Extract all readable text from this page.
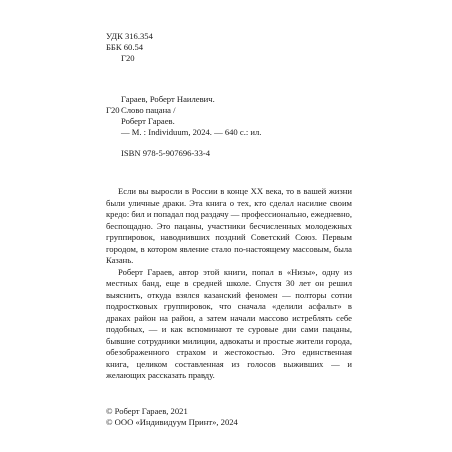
УДК 316.354
ББК 60.54
Г20
Гараев, Роберт Наилевич.
Г20 Слово пацана /
Роберт Гараев.
— М. : Individuum, 2024. — 640 с.: ил.
ISBN 978-5-907696-33-4

Если вы выросли в России в конце XX века, то в вашей жизни были уличные драки. Эта книга о тех, кто сделал насилие своим кредо: бил и попадал под раздачу — профессионально, ежедневно, беспощадно. Это пацаны, участники бесчисленных молодежных группировок, наводнивших поздний Советский Союз. Первым городом, в котором явление стало по-настоящему массовым, была Казань.

Роберт Гараев, автор этой книги, попал в «Низы», одну из местных банд, еще в средней школе. Спустя 30 лет он решил выяснить, откуда взялся казанский феномен — полторы сотни подростковых группировок, что сначала «делили асфальт» в драках район на район, а затем начали массово истреблять себе подобных, — и как вспоминают те суровые дни сами пацаны, бывшие сотрудники милиции, адвокаты и простые жители города, обезображенного страхом и жестокостью. Это единственная книга, целиком составленная из голосов выживших — и желающих рассказать правду.

© Роберт Гараев, 2021
© ООО «Индивидуум Принт», 2024
